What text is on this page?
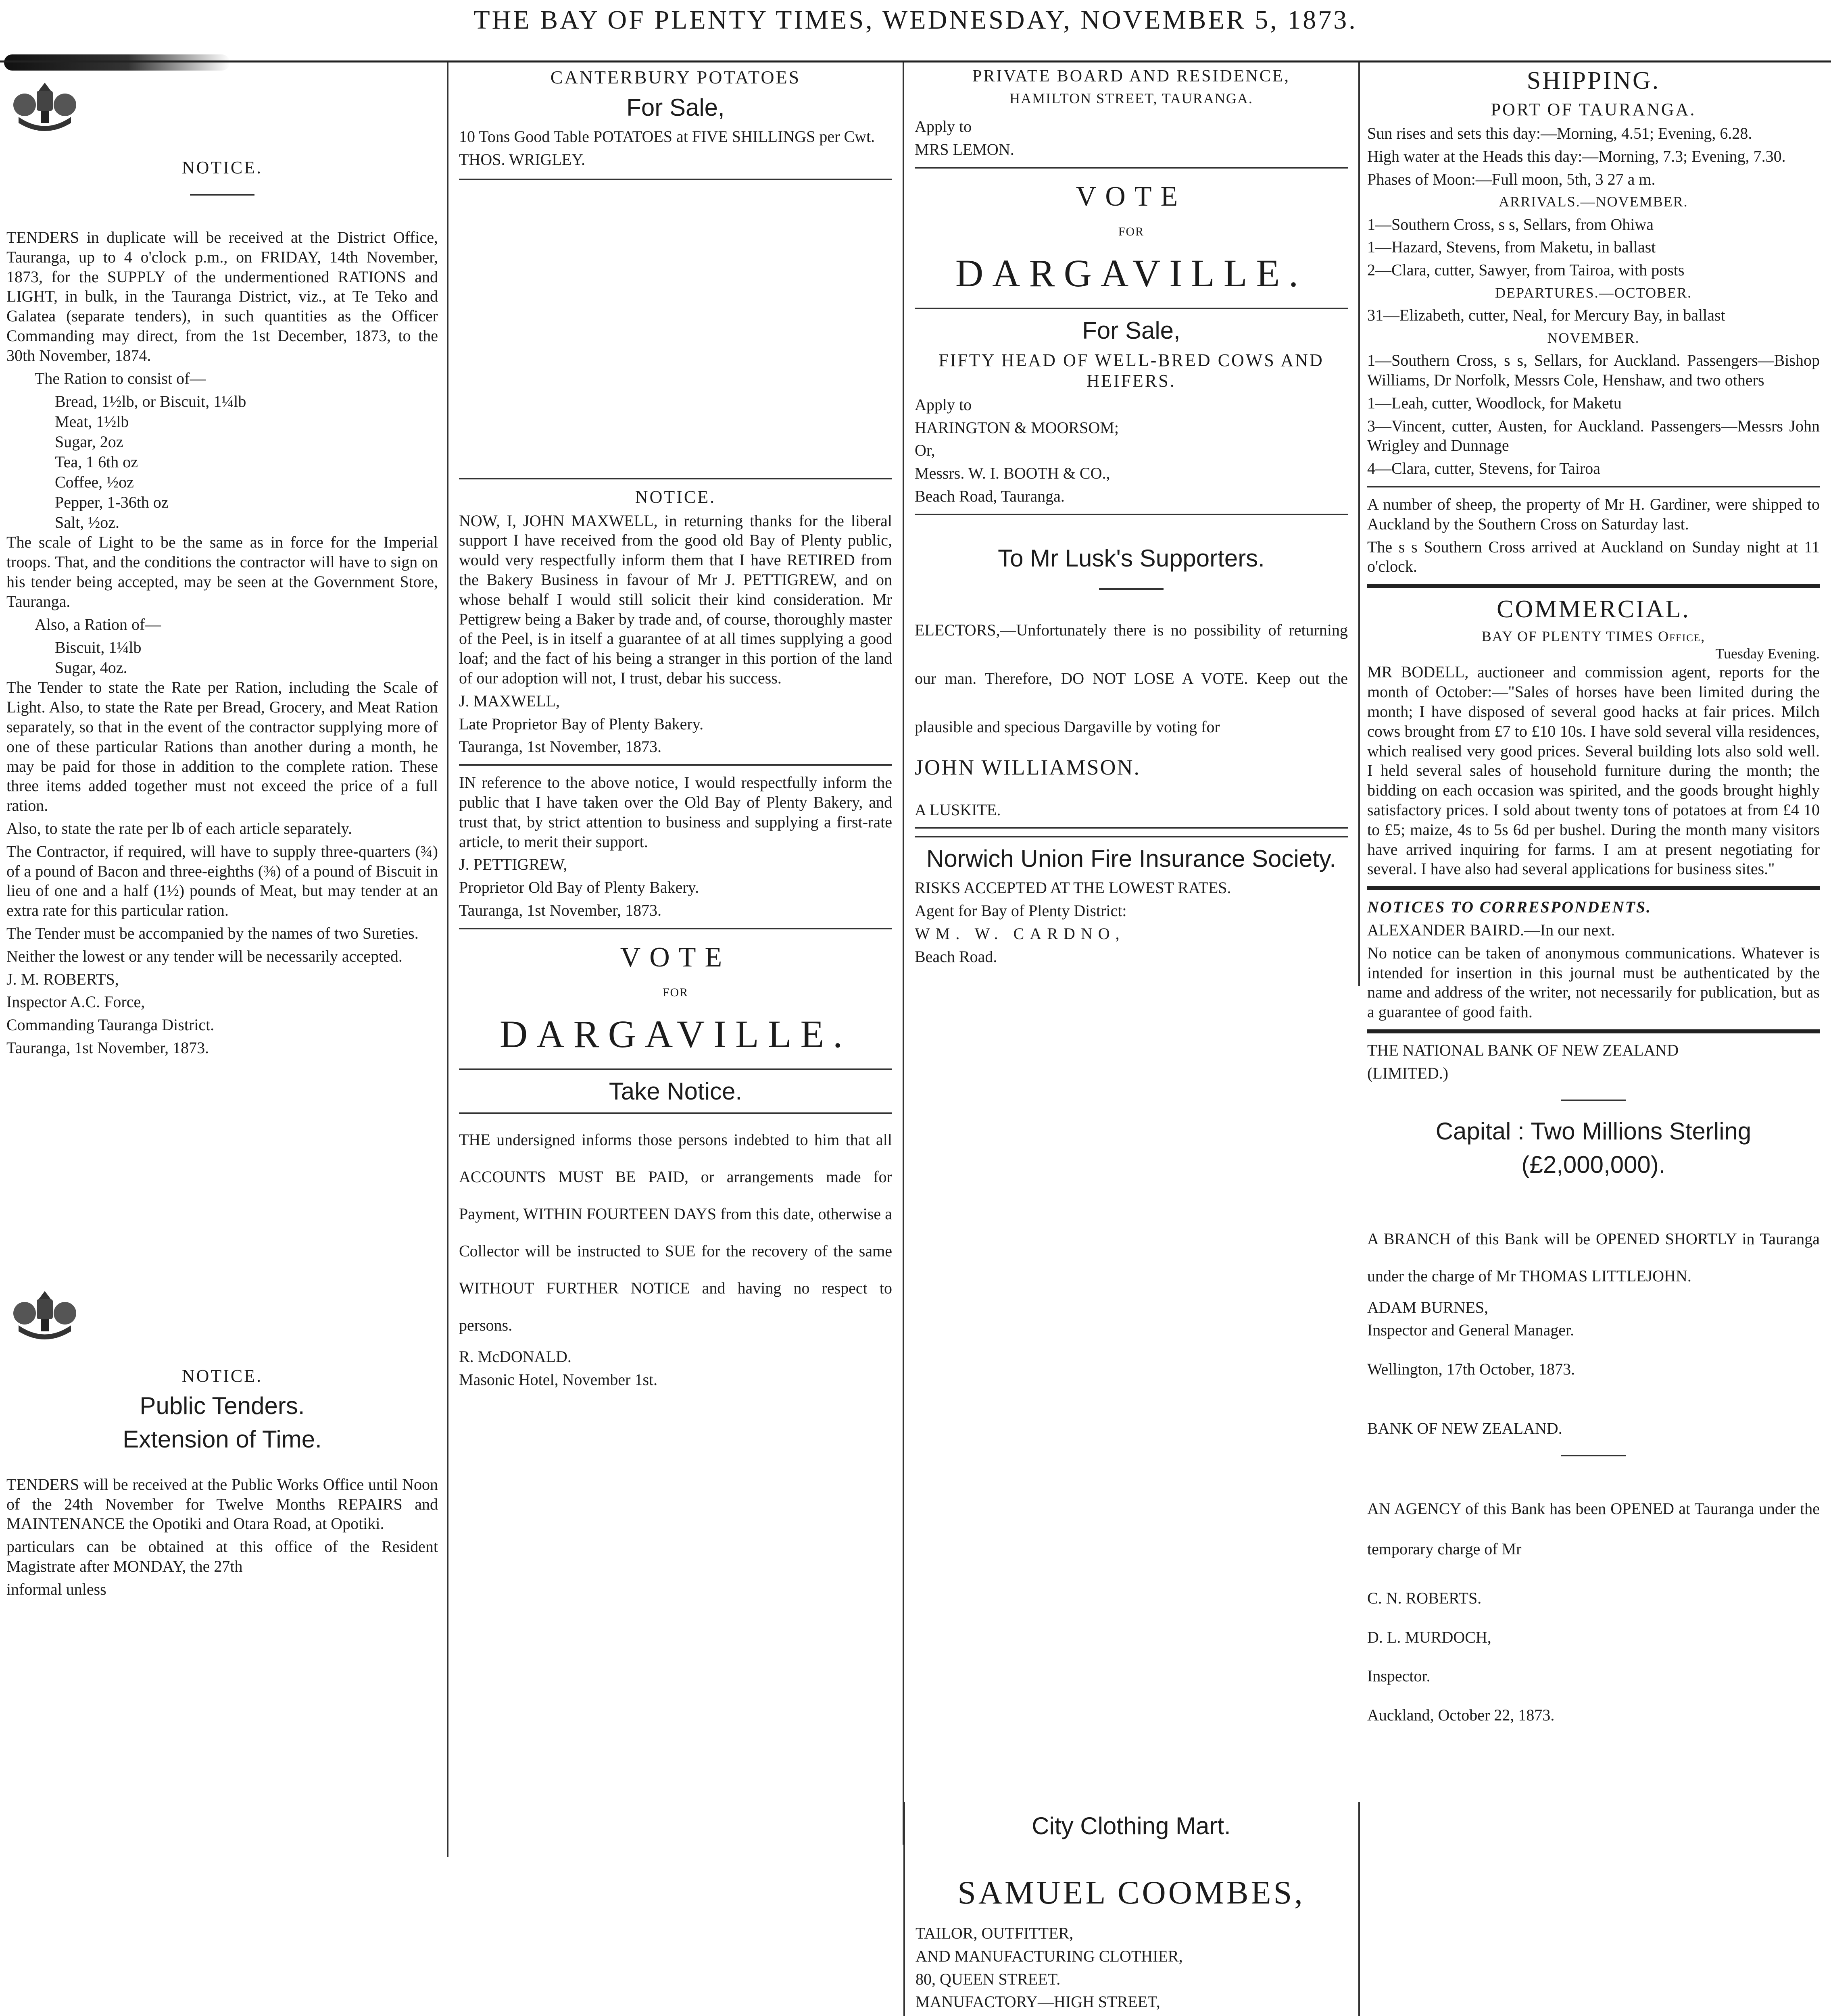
THE BAY OF PLENTY TIMES, WEDNESDAY, NOVEMBER 5, 1873.
NOTICE.

TENDERS in duplicate will be received at the District Office, Tauranga, up to 4 o'clock p.m., on FRIDAY, 14th November, 1873, for the SUPPLY of the undermentioned RATIONS and LIGHT, in bulk, in the Tauranga District, viz., at Te Teko and Galatea (separate tenders), in such quantities as the Officer Commanding may direct, from the 1st December, 1873, to the 30th November, 1874.

The Ration to consist of—

Bread, 1½lb, or Biscuit, 1¼lb
Meat, 1½lb
Sugar, 2oz
Tea, 1 6th oz
Coffee, ½oz
Pepper, 1-36th oz
Salt, ½oz.

The scale of Light to be the same as in force for the Imperial troops. That, and the conditions the contractor will have to sign on his tender being accepted, may be seen at the Government Store, Tauranga.

Also, a Ration of—

Biscuit, 1¼lb
Sugar, 4oz.

The Tender to state the Rate per Ration, including the Scale of Light. Also, to state the Rate per Bread, Grocery, and Meat Ration separately, so that in the event of the contractor supplying more of one of these particular Rations than another during a month, he may be paid for those in addition to the complete ration. These three items added together must not exceed the price of a full ration.

Also, to state the rate per lb of each article separately.

The Contractor, if required, will have to supply three-quarters (¾) of a pound of Bacon and three-eighths (⅜) of a pound of Biscuit in lieu of one and a half (1½) pounds of Meat, but may tender at an extra rate for this particular ration.

The Tender must be accompanied by the names of two Sureties.

Neither the lowest or any tender will be necessarily accepted.

J. M. ROBERTS,

Inspector A.C. Force,

Commanding Tauranga District.

Tauranga, 1st November, 1873.

NOTICE.
Public Tenders.
Extension of Time.

TENDERS will be received at the Public Works Office until Noon of the 24th November for Twelve Months REPAIRS and MAINTENANCE the Opotiki and Otara Road, at Opotiki.

particulars can be obtained at this office of the Resident Magistrate after MONDAY, the 27th

informal unless

CANTERBURY POTATOES
For Sale,

10 Tons Good Table POTATOES at FIVE SHILLINGS per Cwt.

THOS. WRIGLEY.

NOTICE.

NOW, I, JOHN MAXWELL, in returning thanks for the liberal support I have received from the good old Bay of Plenty public, would very respectfully inform them that I have RETIRED from the Bakery Business in favour of Mr J. PETTIGREW, and on whose behalf I would still solicit their kind consideration. Mr Pettigrew being a Baker by trade and, of course, thoroughly master of the Peel, is in itself a guarantee of at all times supplying a good loaf; and the fact of his being a stranger in this portion of the land of our adoption will not, I trust, debar his success.

J. MAXWELL,

Late Proprietor Bay of Plenty Bakery.

Tauranga, 1st November, 1873.

IN reference to the above notice, I would respectfully inform the public that I have taken over the Old Bay of Plenty Bakery, and trust that, by strict attention to business and supplying a first-rate article, to merit their support.

J. PETTIGREW,

Proprietor Old Bay of Plenty Bakery.

Tauranga, 1st November, 1873.

VOTE
FOR
DARGAVILLE.
Take Notice.

THE undersigned informs those persons indebted to him that all ACCOUNTS MUST BE PAID, or arrangements made for Payment, WITHIN FOURTEEN DAYS from this date, otherwise a Collector will be instructed to SUE for the recovery of the same WITHOUT FURTHER NOTICE and having no respect to persons.

R. McDONALD.

Masonic Hotel, November 1st.

PRIVATE BOARD AND RESIDENCE,

HAMILTON STREET, TAURANGA.

Apply to

MRS LEMON.

VOTE
FOR
DARGAVILLE.
For Sale,
FIFTY HEAD OF WELL-BRED COWS AND HEIFERS.

Apply to

HARINGTON & MOORSOM;

Or,

Messrs. W. I. BOOTH & CO.,

Beach Road, Tauranga.

To Mr Lusk's Supporters.

ELECTORS,—Unfortunately there is no possibility of returning our man. Therefore, DO NOT LOSE A VOTE. Keep out the plausible and specious Dargaville by voting for

JOHN WILLIAMSON.

A LUSKITE.

Norwich Union Fire Insurance Society.

RISKS ACCEPTED AT THE LOWEST RATES.

Agent for Bay of Plenty District:

WM. W. CARDNO,

Beach Road.

City Clothing Mart.
SAMUEL COOMBES,

TAILOR, OUTFITTER,

AND MANUFACTURING CLOTHIER,

80, QUEEN STREET.

MANUFACTORY—HIGH STREET,

SHIPPING.
PORT OF TAURANGA.

Sun rises and sets this day:—Morning, 4.51; Evening, 6.28.

High water at the Heads this day:—Morning, 7.3; Evening, 7.30.

Phases of Moon:—Full moon, 5th, 3 27 a m.

ARRIVALS.—NOVEMBER.

1—Southern Cross, s s, Sellars, from Ohiwa

1—Hazard, Stevens, from Maketu, in ballast

2—Clara, cutter, Sawyer, from Tairoa, with posts

DEPARTURES.—OCTOBER.

31—Elizabeth, cutter, Neal, for Mercury Bay, in ballast

NOVEMBER.

1—Southern Cross, s s, Sellars, for Auckland. Passengers—Bishop Williams, Dr Norfolk, Messrs Cole, Henshaw, and two others

1—Leah, cutter, Woodlock, for Maketu

3—Vincent, cutter, Austen, for Auckland. Passengers—Messrs John Wrigley and Dunnage

4—Clara, cutter, Stevens, for Tairoa

A number of sheep, the property of Mr H. Gardiner, were shipped to Auckland by the Southern Cross on Saturday last.

The s s Southern Cross arrived at Auckland on Sunday night at 11 o'clock.

COMMERCIAL.

BAY OF PLENTY TIMES Office,

Tuesday Evening.

MR BODELL, auctioneer and commission agent, reports for the month of October:—"Sales of horses have been limited during the month; I have disposed of several good hacks at fair prices. Milch cows brought from £7 to £10 10s. I have sold several villa residences, which realised very good prices. Several building lots also sold well. I held several sales of household furniture during the month; the bidding on each occasion was spirited, and the goods brought highly satisfactory prices. I sold about twenty tons of potatoes at from £4 10 to £5; maize, 4s to 5s 6d per bushel. During the month many visitors have arrived inquiring for farms. I am at present negotiating for several. I have also had several applications for business sites."

NOTICES TO CORRESPONDENTS.

ALEXANDER BAIRD.—In our next.

No notice can be taken of anonymous communications. Whatever is intended for insertion in this journal must be authenticated by the name and address of the writer, not necessarily for publication, but as a guarantee of good faith.

THE NATIONAL BANK OF NEW ZEALAND

(LIMITED.)

Capital : Two Millions Sterling
(£2,000,000).

A BRANCH of this Bank will be OPENED SHORTLY in Tauranga under the charge of Mr THOMAS LITTLEJOHN.

ADAM BURNES,

Inspector and General Manager.

Wellington, 17th October, 1873.

BANK OF NEW ZEALAND.

AN AGENCY of this Bank has been OPENED at Tauranga under the temporary charge of Mr

C. N. ROBERTS.

D. L. MURDOCH,

Inspector.

Auckland, October 22, 1873.
